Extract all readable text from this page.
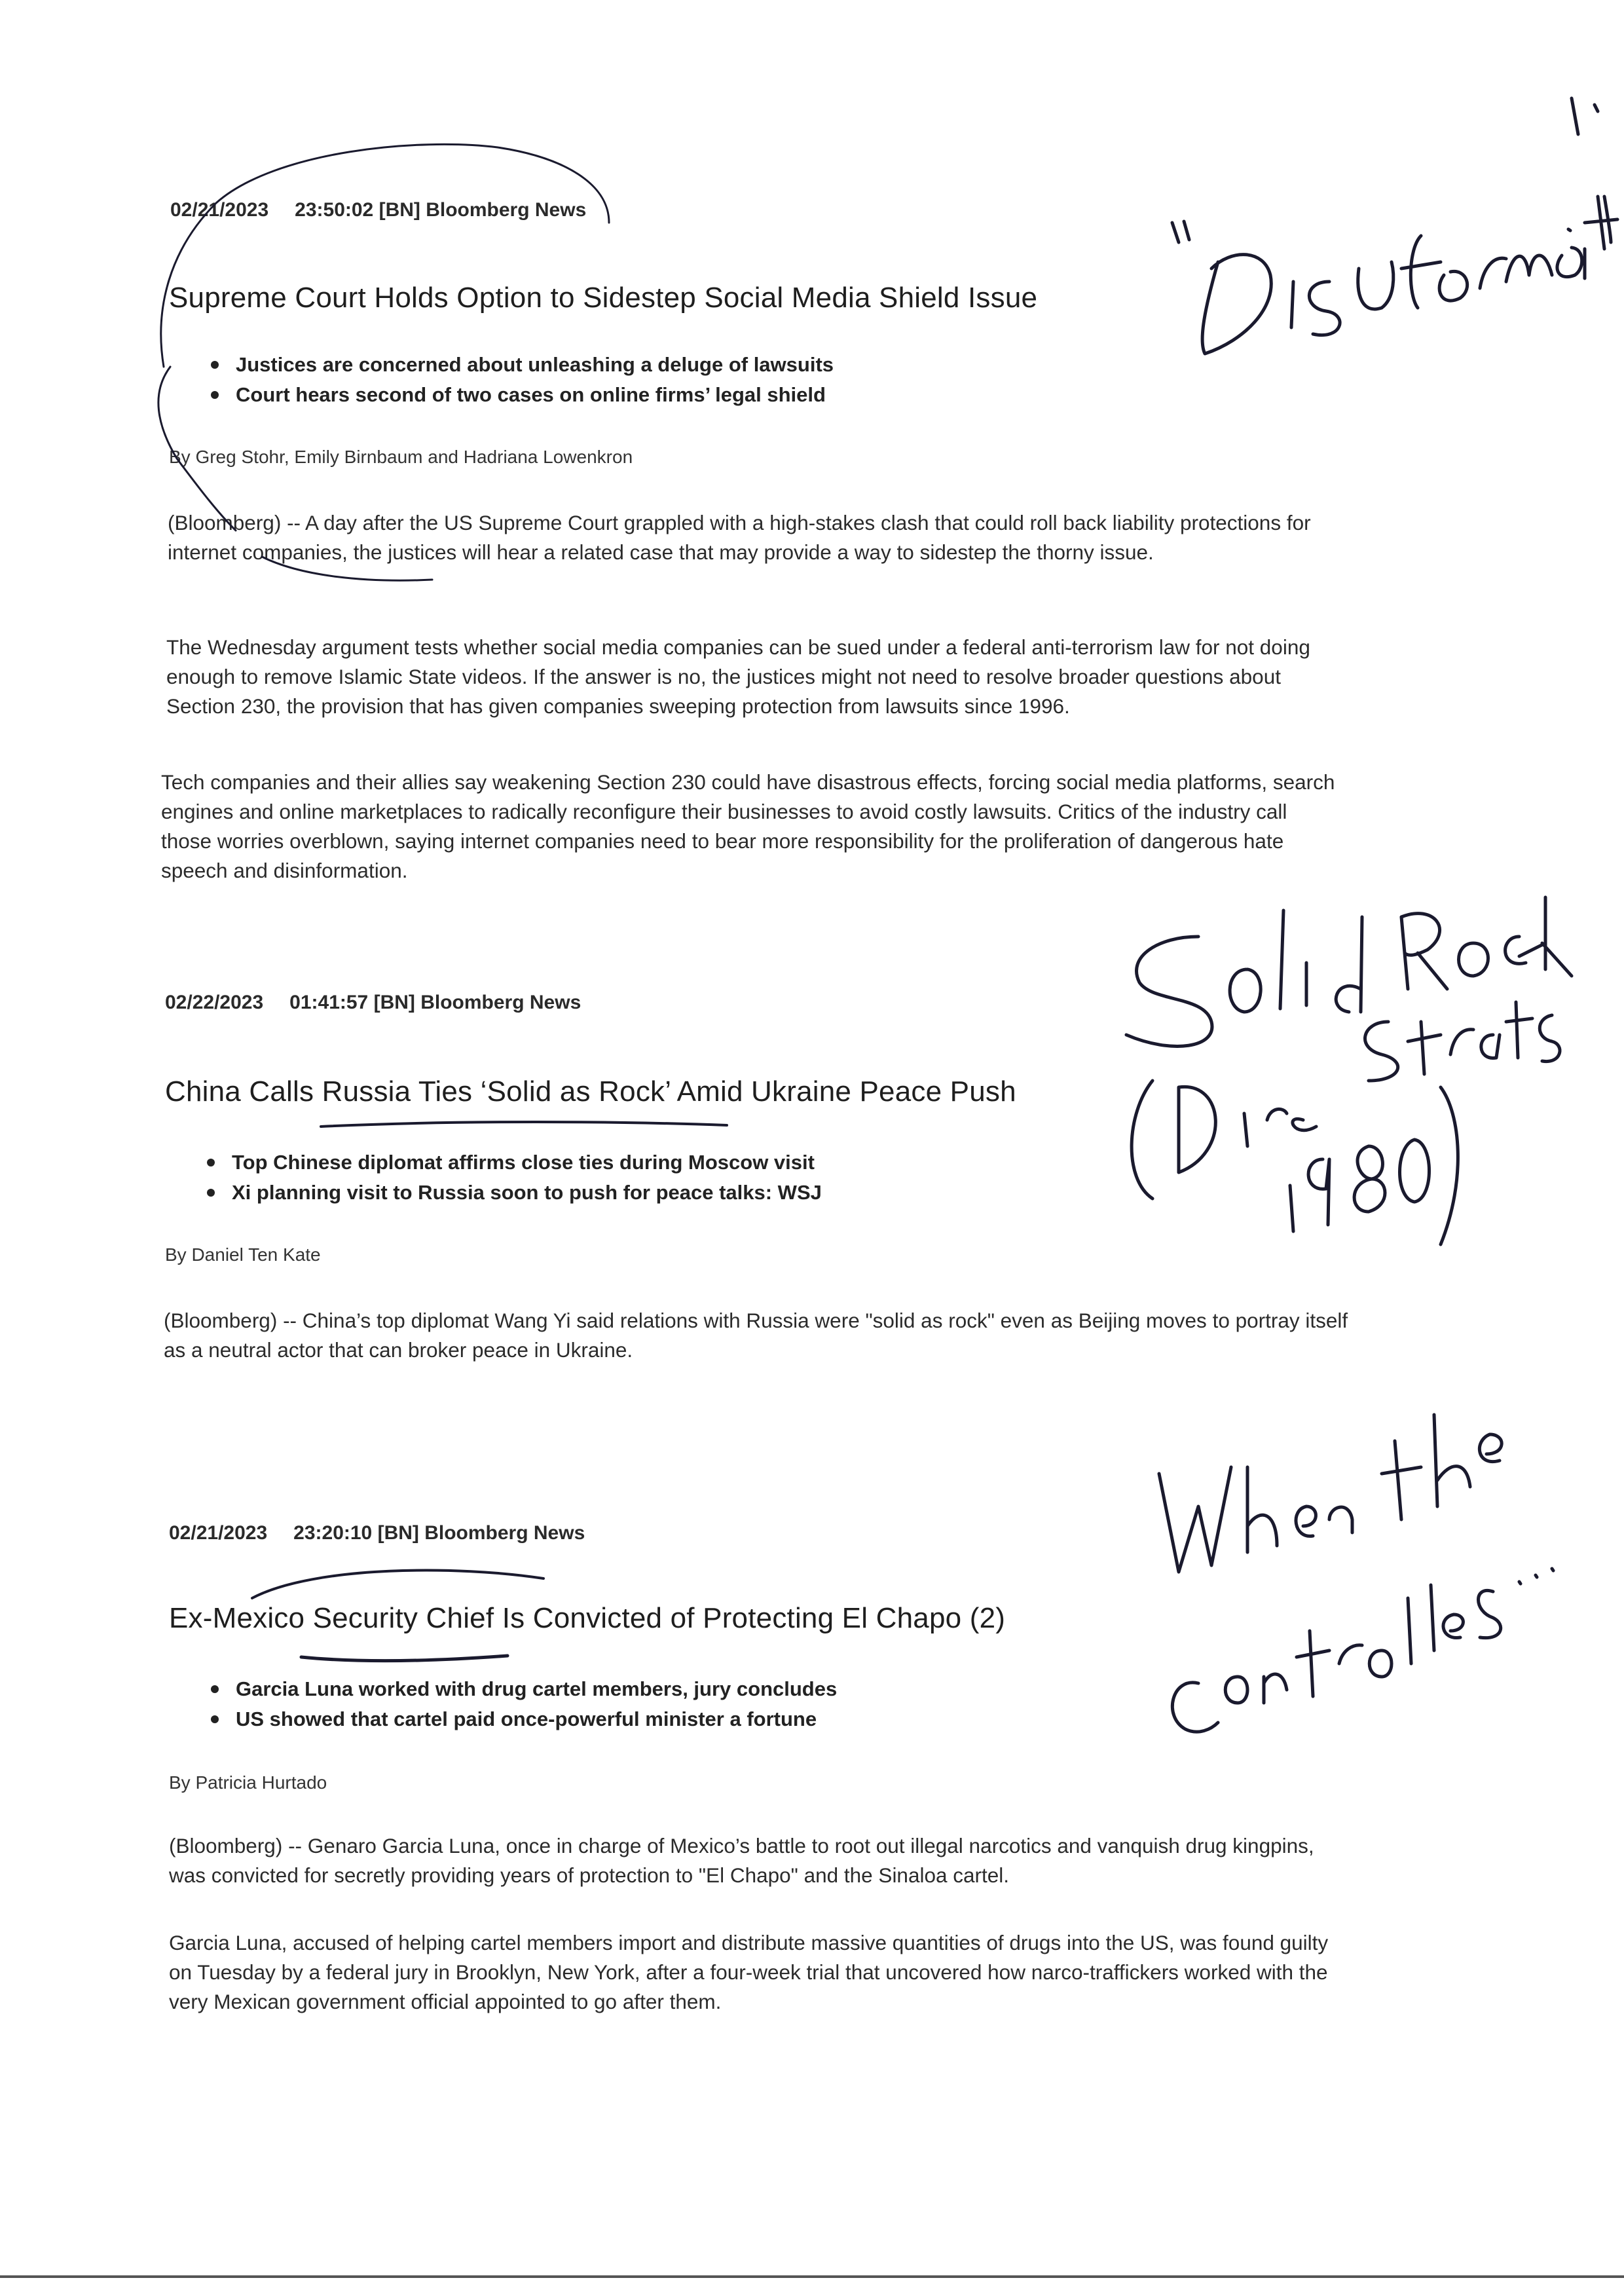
02/21/2023 23:50:02 [BN] Bloomberg News
Supreme Court Holds Option to Sidestep Social Media Shield Issue
Justices are concerned about unleashing a deluge of lawsuits
Court hears second of two cases on online firms’ legal shield
By Greg Stohr, Emily Birnbaum and Hadriana Lowenkron

(Bloomberg) -- A day after the US Supreme Court grappled with a high-stakes clash that could roll back liability protections for internet companies, the justices will hear a related case that may provide a way to sidestep the thorny issue.

The Wednesday argument tests whether social media companies can be sued under a federal anti-terrorism law for not doing enough to remove Islamic State videos. If the answer is no, the justices might not need to resolve broader questions about Section 230, the provision that has given companies sweeping protection from lawsuits since 1996.

Tech companies and their allies say weakening Section 230 could have disastrous effects, forcing social media platforms, search engines and online marketplaces to radically reconfigure their businesses to avoid costly lawsuits. Critics of the industry call those worries overblown, saying internet companies need to bear more responsibility for the proliferation of dangerous hate speech and disinformation.

02/22/2023 01:41:57 [BN] Bloomberg News
China Calls Russia Ties ‘Solid as Rock’ Amid Ukraine Peace Push
Top Chinese diplomat affirms close ties during Moscow visit
Xi planning visit to Russia soon to push for peace talks: WSJ
By Daniel Ten Kate

(Bloomberg) -- China’s top diplomat Wang Yi said relations with Russia were "solid as rock" even as Beijing moves to portray itself as a neutral actor that can broker peace in Ukraine.

02/21/2023 23:20:10 [BN] Bloomberg News
Ex-Mexico Security Chief Is Convicted of Protecting El Chapo (2)
Garcia Luna worked with drug cartel members, jury concludes
US showed that cartel paid once-powerful minister a fortune
By Patricia Hurtado

(Bloomberg) -- Genaro Garcia Luna, once in charge of Mexico’s battle to root out illegal narcotics and vanquish drug kingpins, was convicted for secretly providing years of protection to "El Chapo" and the Sinaloa cartel.

Garcia Luna, accused of helping cartel members import and distribute massive quantities of drugs into the US, was found guilty on Tuesday by a federal jury in Brooklyn, New York, after a four-week trial that uncovered how narco-traffickers worked with the very Mexican government official appointed to go after them.
